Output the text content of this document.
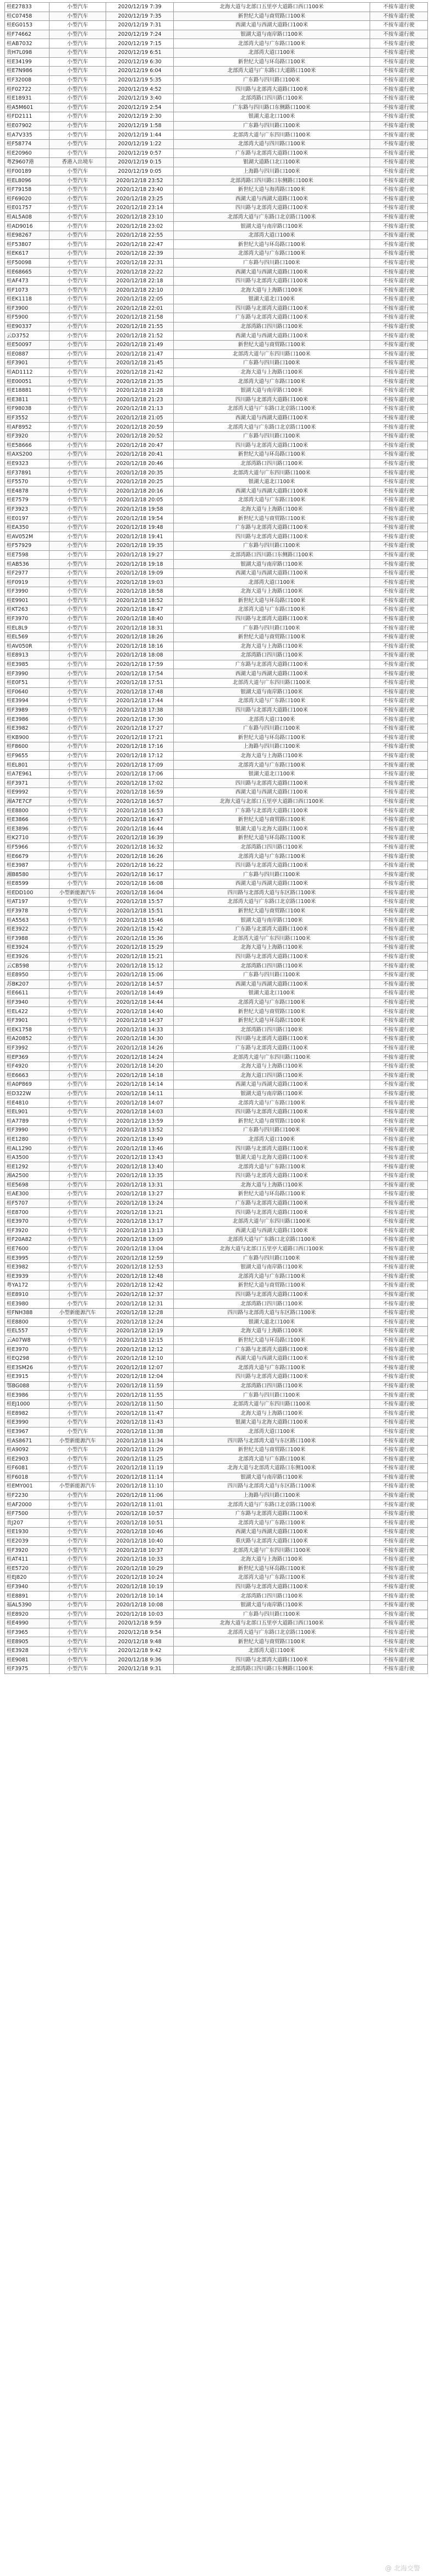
桂E27833	小型汽车	2020/12/19 7:39	北海大道与北部口五里亭大道路口西口100米	不按车道行驶
桂C07458	小型汽车	2020/12/19 7:35	新世纪大道与商贸路口100米	不按车道行驶
桂EG0153	小型汽车	2020/12/19 7:31	西湖大道与西湖大道路口100米	不按车道行驶
桂F74662	小型汽车	2020/12/19 7:24	银湖大道与南岸路口100米	不按车道行驶
桂AB7032	小型汽车	2020/12/19 7:15	北部湾大道与广东路口100米	不按车道行驶
贵H7L098	小型汽车	2020/12/19 6:51	北部湾大道口100米	不按车道行驶
桂E34199	小型汽车	2020/12/19 6:30	新世纪大道与环岛路口100米	不按车道行驶
桂E7N986	小型汽车	2020/12/19 6:04	北部湾大道与广东路口大道路口100米	不按车道行驶
桂F32008	小型汽车	2020/12/19 5:35	广东路与四川路口100米	不按车道行驶
桂F02722	小型汽车	2020/12/19 4:52	四川路与北部湾大道路口100米	不按车道行驶
桂E18931	小型汽车	2020/12/19 3:40	北部湾路口四川路口100米	不按车道行驶
桂A5M601	小型汽车	2020/12/19 2:54	广东路与四川路口东侧路口100米	不按车道行驶
桂FD2111	小型汽车	2020/12/19 2:30	银湖大道北口100米	不按车道行驶
桂E07902	小型汽车	2020/12/19 1:58	广东路与四川路口100米	不按车道行驶
桂A7V335	小型汽车	2020/12/19 1:44	北部湾大道与广东四川路口100米	不按车道行驶
桂F58774	小型汽车	2020/12/19 1:22	北部湾大道与四川路口100米	不按车道行驶
桂E20960	小型汽车	2020/12/19 0:57	广东路与北部湾大道路口100米	不按车道行驶
粤Z9607港	香港入出境车	2020/12/19 0:15	银湖大道路口北口100米	不按车道行驶
桂F00189	小型汽车	2020/12/19 0:05	上海路与四川路口100米	不按车道行驶
桂EL8096	小型汽车	2020/12/18 23:52	北部湾路口四川路口东侧路口100米	不按车道行驶
桂F79158	小型汽车	2020/12/18 23:40	新世纪大道与海湾路口100米	不按车道行驶
桂F69020	小型汽车	2020/12/18 23:25	西湖大道与西湖大道路口100米	不按车道行驶
桂E01757	小型汽车	2020/12/18 23:14	四川路与北部湾大道路口100米	不按车道行驶
桂AL5A08	小型汽车	2020/12/18 23:10	北部湾大道与广东路口北京路口100米	不按车道行驶
桂AD9016	小型汽车	2020/12/18 23:02	银湖大道与南岸路口100米	不按车道行驶
桂E98267	小型汽车	2020/12/18 22:55	北部湾大道口100米	不按车道行驶
桂F53807	小型汽车	2020/12/18 22:47	新世纪大道与环岛路口100米	不按车道行驶
桂EK617	小型汽车	2020/12/18 22:39	北部湾大道与广东路口100米	不按车道行驶
桂F50098	小型汽车	2020/12/18 22:31	广东路与四川路口100米	不按车道行驶
桂E68665	小型汽车	2020/12/18 22:22	西湖大道与西湖大道路口100米	不按车道行驶
桂AF473	小型汽车	2020/12/18 22:18	四川路与北部湾大道路口100米	不按车道行驶
桂F1073	小型汽车	2020/12/18 22:10	北海大道与上海路口100米	不按车道行驶
桂EK1118	小型汽车	2020/12/18 22:05	银湖大道北口100米	不按车道行驶
桂F3900	小型汽车	2020/12/18 22:01	四川路与北部湾大道路口100米	不按车道行驶
桂F5900	小型汽车	2020/12/18 21:58	广东路与北部湾大道路口100米	不按车道行驶
桂E90337	小型汽车	2020/12/18 21:55	北部湾路口四川路口100米	不按车道行驶
云D3752	小型汽车	2020/12/18 21:52	西湖大道与西湖大道路口100米	不按车道行驶
桂E50097	小型汽车	2020/12/18 21:49	新世纪大道与商贸路口100米	不按车道行驶
桂E0887	小型汽车	2020/12/18 21:47	北部湾大道与广东四川路口100米	不按车道行驶
桂F3901	小型汽车	2020/12/18 21:45	广东路与四川路口100米	不按车道行驶
桂AD1112	小型汽车	2020/12/18 21:42	北海大道与上海路口100米	不按车道行驶
桂E00051	小型汽车	2020/12/18 21:35	北部湾大道与广东路口100米	不按车道行驶
桂E18881	小型汽车	2020/12/18 21:28	银湖大道与南岸路口100米	不按车道行驶
桂E3811	小型汽车	2020/12/18 21:23	四川路与北部湾大道路口100米	不按车道行驶
桂F98038	小型汽车	2020/12/18 21:13	北部湾大道与广东路口北京路口100米	不按车道行驶
桂F3552	小型汽车	2020/12/18 21:05	西湖大道与西湖大道路口100米	不按车道行驶
桂AF8952	小型汽车	2020/12/18 20:59	北部湾大道与广东路口北京路口100米	不按车道行驶
桂F3920	小型汽车	2020/12/18 20:52	广东路与四川路口100米	不按车道行驶
桂E58666	小型汽车	2020/12/18 20:47	四川路与北部湾大道路口100米	不按车道行驶
桂AXS200	小型汽车	2020/12/18 20:41	新世纪大道与环岛路口100米	不按车道行驶
桂E9323	小型汽车	2020/12/18 20:46	北部湾路口四川路口100米	不按车道行驶
桂F37891	小型汽车	2020/12/18 20:35	北部湾大道与广东四川路口100米	不按车道行驶
桂F5570	小型汽车	2020/12/18 20:25	银湖大道北口100米	不按车道行驶
桂E4878	小型汽车	2020/12/18 20:16	西湖大道与西湖大道路口100米	不按车道行驶
桂E7579	小型汽车	2020/12/18 20:05	北部湾大道与广东路口100米	不按车道行驶
桂F3923	小型汽车	2020/12/18 19:58	北海大道与上海路口100米	不按车道行驶
桂E0197	小型汽车	2020/12/18 19:54	新世纪大道与商贸路口100米	不按车道行驶
桂EA350	小型汽车	2020/12/18 19:48	广东路与北部湾大道路口100米	不按车道行驶
桂AV052M	小型汽车	2020/12/18 19:41	四川路与北部湾大道路口100米	不按车道行驶
桂F57929	小型汽车	2020/12/18 19:35	广东路与四川路口100米	不按车道行驶
桂E7598	小型汽车	2020/12/18 19:27	北部湾路口四川路口东侧路口100米	不按车道行驶
桂AB536	小型汽车	2020/12/18 19:18	银湖大道与南岸路口100米	不按车道行驶
桂F2977	小型汽车	2020/12/18 19:09	西湖大道与西湖大道路口100米	不按车道行驶
桂F0919	小型汽车	2020/12/18 19:03	北部湾大道口100米	不按车道行驶
桂F3990	小型汽车	2020/12/18 18:58	北海大道与上海路口100米	不按车道行驶
桂E9901	小型汽车	2020/12/18 18:52	新世纪大道与环岛路口100米	不按车道行驶
桂KT263	小型汽车	2020/12/18 18:47	北部湾大道与广东路口100米	不按车道行驶
桂F3970	小型汽车	2020/12/18 18:40	四川路与北部湾大道路口100米	不按车道行驶
桂EL8L9	小型汽车	2020/12/18 18:31	广东路与四川路口100米	不按车道行驶
桂EL569	小型汽车	2020/12/18 18:26	新世纪大道与商贸路口100米	不按车道行驶
桂AV050R	小型汽车	2020/12/18 18:16	北海大道与上海路口100米	不按车道行驶
桂E8913	小型汽车	2020/12/18 18:08	北部湾路口四川路口100米	不按车道行驶
桂E3985	小型汽车	2020/12/18 17:59	广东路与北部湾大道路口100米	不按车道行驶
桂F3990	小型汽车	2020/12/18 17:54	西湖大道与西湖大道路口100米	不按车道行驶
桂E0F51	小型汽车	2020/12/18 17:51	北部湾大道与广东四川路口100米	不按车道行驶
桂F0640	小型汽车	2020/12/18 17:48	银湖大道与南岸路口100米	不按车道行驶
桂E3994	小型汽车	2020/12/18 17:44	北部湾大道与广东路口100米	不按车道行驶
桂F3989	小型汽车	2020/12/18 17:38	四川路与北部湾大道路口100米	不按车道行驶
桂E3986	小型汽车	2020/12/18 17:30	北部湾大道口100米	不按车道行驶
桂E3982	小型汽车	2020/12/18 17:27	广东路与四川路口100米	不按车道行驶
桂KB900	小型汽车	2020/12/18 17:21	新世纪大道与环岛路口100米	不按车道行驶
桂F8600	小型汽车	2020/12/18 17:16	上海路与四川路口100米	不按车道行驶
桂F9655	小型汽车	2020/12/18 17:12	北海大道与上海路口100米	不按车道行驶
桂EL801	小型汽车	2020/12/18 17:09	北部湾大道与广东路口100米	不按车道行驶
桂A7E961	小型汽车	2020/12/18 17:06	银湖大道北口100米	不按车道行驶
桂F3971	小型汽车	2020/12/18 17:02	四川路与北部湾大道路口100米	不按车道行驶
桂E9992	小型汽车	2020/12/18 16:59	西湖大道与西湖大道路口100米	不按车道行驶
湘A7E7CF	小型汽车	2020/12/18 16:57	北海大道与北部口五里亭大道路口西口100米	不按车道行驶
桂E8800	小型汽车	2020/12/18 16:53	广东路与北部湾大道路口100米	不按车道行驶
桂E3866	小型汽车	2020/12/18 16:47	新世纪大道与商贸路口100米	不按车道行驶
桂E3896	小型汽车	2020/12/18 16:44	银湖大道与北海大道路口100米	不按车道行驶
桂K2710	小型汽车	2020/12/18 16:39	新世纪大道与环岛路口100米	不按车道行驶
桂F5966	小型汽车	2020/12/18 16:32	北部湾路口四川路口100米	不按车道行驶
桂E6679	小型汽车	2020/12/18 16:26	北部湾大道与广东路口100米	不按车道行驶
桂E3987	小型汽车	2020/12/18 16:22	四川路与北部湾大道路口100米	不按车道行驶
湘B8580	小型汽车	2020/12/18 16:17	广东路与四川路口100米	不按车道行驶
桂E8599	小型汽车	2020/12/18 16:08	西湖大道与西湖大道路口100米	不按车道行驶
桂EDD100	小型新能源汽车	2020/12/18 16:04	四川路与北部湾大道与东区路口100米	不按车道行驶
桂AT197	小型汽车	2020/12/18 15:57	北部湾大道与广东路口北京路口100米	不按车道行驶
桂F3978	小型汽车	2020/12/18 15:51	新世纪大道与商贸路口100米	不按车道行驶
桂A5563	小型汽车	2020/12/18 15:46	银湖大道与南岸路口100米	不按车道行驶
桂E3922	小型汽车	2020/12/18 15:42	广东路与北部湾大道路口100米	不按车道行驶
桂F3988	小型汽车	2020/12/18 15:36	北部湾大道与广东四川路口100米	不按车道行驶
桂E3924	小型汽车	2020/12/18 15:29	北海大道与上海路口100米	不按车道行驶
桂E3926	小型汽车	2020/12/18 15:21	四川路与北部湾大道路口100米	不按车道行驶
云CB598	小型汽车	2020/12/18 15:12	北部湾路口四川路口100米	不按车道行驶
桂E8950	小型汽车	2020/12/18 15:06	广东路与四川路口100米	不按车道行驶
苏BK207	小型汽车	2020/12/18 14:57	西湖大道与西湖大道路口100米	不按车道行驶
桂E6611	小型汽车	2020/12/18 14:49	银湖大道北口100米	不按车道行驶
桂F3940	小型汽车	2020/12/18 14:44	北部湾大道与广东路口100米	不按车道行驶
桂EL422	小型汽车	2020/12/18 14:40	新世纪大道与商贸路口100米	不按车道行驶
桂F3901	小型汽车	2020/12/18 14:37	新世纪大道与环岛路口100米	不按车道行驶
桂EK1758	小型汽车	2020/12/18 14:33	北部湾路口四川路口100米	不按车道行驶
桂A20852	小型汽车	2020/12/18 14:30	四川路与北部湾大道路口100米	不按车道行驶
桂F3992	小型汽车	2020/12/18 14:26	广东路与北部湾大道路口100米	不按车道行驶
桂EP369	小型汽车	2020/12/18 14:24	北部湾大道与广东四川路口100米	不按车道行驶
桂F4920	小型汽车	2020/12/18 14:20	北海大道与上海路口100米	不按车道行驶
桂E6663	小型汽车	2020/12/18 14:18	北海大道口四川路口100米	不按车道行驶
桂A0P869	小型汽车	2020/12/18 14:14	西湖大道与西湖大道路口100米	不按车道行驶
桂D322W	小型汽车	2020/12/18 14:11	银湖大道与南岸路口100米	不按车道行驶
桂E4810	小型汽车	2020/12/18 14:07	北部湾大道与广东路口100米	不按车道行驶
桂EL901	小型汽车	2020/12/18 14:03	四川路与北部湾大道路口100米	不按车道行驶
桂A7789	小型汽车	2020/12/18 13:59	新世纪大道与商贸路口100米	不按车道行驶
桂F3990	小型汽车	2020/12/18 13:52	广东路与四川路口100米	不按车道行驶
桂E1280	小型汽车	2020/12/18 13:49	北部湾大道口100米	不按车道行驶
桂AL1290	小型汽车	2020/12/18 13:46	四川路与北部湾大道路口100米	不按车道行驶
桂A3500	小型汽车	2020/12/18 13:43	银湖大道与北海大道路口100米	不按车道行驶
桂E1292	小型汽车	2020/12/18 13:40	北部湾大道与广东路口100米	不按车道行驶
湘A2500	小型汽车	2020/12/18 13:35	四川路与北部湾大道路口100米	不按车道行驶
桂E5698	小型汽车	2020/12/18 13:31	北海大道与上海路口100米	不按车道行驶
桂AE300	小型汽车	2020/12/18 13:27	新世纪大道与环岛路口100米	不按车道行驶
桂F5707	小型汽车	2020/12/18 13:24	广东路与北部湾大道路口100米	不按车道行驶
桂E8700	小型汽车	2020/12/18 13:21	四川路与北部湾大道路口100米	不按车道行驶
桂E3970	小型汽车	2020/12/18 13:17	北部湾大道与广东四川路口100米	不按车道行驶
桂F3920	小型汽车	2020/12/18 13:13	西湖大道与西湖大道路口100米	不按车道行驶
桂F20A82	小型汽车	2020/12/18 13:09	北部湾大道与广东路口北京路口100米	不按车道行驶
桂E7600	小型汽车	2020/12/18 13:04	北海大道与北部口五里亭大道路口西口100米	不按车道行驶
桂E3995	小型汽车	2020/12/18 12:59	广东路与四川路口100米	不按车道行驶
桂E3982	小型汽车	2020/12/18 12:53	银湖大道与南岸路口100米	不按车道行驶
桂E3939	小型汽车	2020/12/18 12:48	北部湾大道与广东路口100米	不按车道行驶
粤YA172	小型汽车	2020/12/18 12:42	新世纪大道与商贸路口100米	不按车道行驶
桂E8910	小型汽车	2020/12/18 12:37	四川路与北部湾大道路口100米	不按车道行驶
桂E3980	小型汽车	2020/12/18 12:31	北部湾路口四川路口100米	不按车道行驶
桂FNH388	小型新能源汽车	2020/12/18 12:28	四川路与北部湾大道与东区路口100米	不按车道行驶
桂E8800	小型汽车	2020/12/18 12:24	银湖大道北口100米	不按车道行驶
桂EL557	小型汽车	2020/12/18 12:19	北海大道与上海路口100米	不按车道行驶
云A07W8	小型汽车	2020/12/18 12:15	新世纪大道与环岛路口100米	不按车道行驶
桂E3970	小型汽车	2020/12/18 12:12	广东路与北部湾大道路口100米	不按车道行驶
桂EQ298	小型汽车	2020/12/18 12:10	西湖大道与西湖大道路口100米	不按车道行驶
桂E3SM26	小型汽车	2020/12/18 12:07	北部湾大道与广东路口100米	不按车道行驶
桂E3915	小型汽车	2020/12/18 12:04	四川路与北部湾大道路口100米	不按车道行驶
鄂BG088	小型汽车	2020/12/18 11:59	北部湾路口四川路口100米	不按车道行驶
桂E3986	小型汽车	2020/12/18 11:55	广东路与四川路口100米	不按车道行驶
桂EJ1000	小型汽车	2020/12/18 11:50	北部湾大道与广东四川路口100米	不按车道行驶
桂E8982	小型汽车	2020/12/18 11:47	北海大道与上海路口100米	不按车道行驶
桂E3990	小型汽车	2020/12/18 11:43	银湖大道与北海大道路口100米	不按车道行驶
桂E3967	小型汽车	2020/12/18 11:38	北部湾大道口100米	不按车道行驶
桂AS8671	小型新能源汽车	2020/12/18 11:34	四川路与北部湾大道与东区路口100米	不按车道行驶
桂A9092	小型汽车	2020/12/18 11:29	新世纪大道与商贸路口100米	不按车道行驶
桂E2903	小型汽车	2020/12/18 11:25	北部湾大道与广东路口100米	不按车道行驶
桂F6081	小型汽车	2020/12/18 11:19	北海大道与北部湾大道路口东侧100米	不按车道行驶
桂F6018	小型汽车	2020/12/18 11:14	银湖大道与南岸路口100米	不按车道行驶
桂EMY001	小型新能源汽车	2020/12/18 11:10	四川路与北部湾大道与东区路口100米	不按车道行驶
桂F2230	小型汽车	2020/12/18 11:06	上海路与四川路口100米	不按车道行驶
桂AF2000	小型汽车	2020/12/18 11:01	北部湾大道与广东路口北京路口100米	不按车道行驶
桂F7500	小型汽车	2020/12/18 10:57	广东路与北部湾大道路口100米	不按车道行驶
贵J207	小型汽车	2020/12/18 10:51	北部湾大道与广东路口100米	不按车道行驶
桂E1930	小型汽车	2020/12/18 10:46	西湖大道与西湖大道路口100米	不按车道行驶
桂E2039	小型汽车	2020/12/18 10:40	重庆路与北部湾大道路口100米	不按车道行驶
桂F3920	小型汽车	2020/12/18 10:37	北部湾大道与广东四川路口100米	不按车道行驶
桂AT411	小型汽车	2020/12/18 10:33	北海大道与上海路口100米	不按车道行驶
桂E5720	小型汽车	2020/12/18 10:29	新世纪大道与环岛路口100米	不按车道行驶
桂EJ820	小型汽车	2020/12/18 10:24	北部湾大道与广东路口100米	不按车道行驶
桂F3940	小型汽车	2020/12/18 10:19	四川路与北部湾大道路口100米	不按车道行驶
桂E8891	小型汽车	2020/12/18 10:14	北部湾路口四川路口100米	不按车道行驶
福AL5390	小型汽车	2020/12/18 10:08	银湖大道与南岸路口100米	不按车道行驶
桂E8920	小型汽车	2020/12/18 10:03	广东路与四川路口100米	不按车道行驶
桂E4990	小型汽车	2020/12/18 9:59	北海大道与北部口五里亭大道路口西口100米	不按车道行驶
桂F3965	小型汽车	2020/12/18 9:54	北部湾大道与广东路口北京路口100米	不按车道行驶
桂E8905	小型汽车	2020/12/18 9:48	新世纪大道与商贸路口100米	不按车道行驶
桂E3928	小型汽车	2020/12/18 9:42	北部湾大道口100米	不按车道行驶
桂E9081	小型汽车	2020/12/18 9:36	四川路与北部湾大道路口100米	不按车道行驶
桂F3975	小型汽车	2020/12/18 9:31	北部湾路口四川路口东侧路口100米	不按车道行驶
@ 北海交警
